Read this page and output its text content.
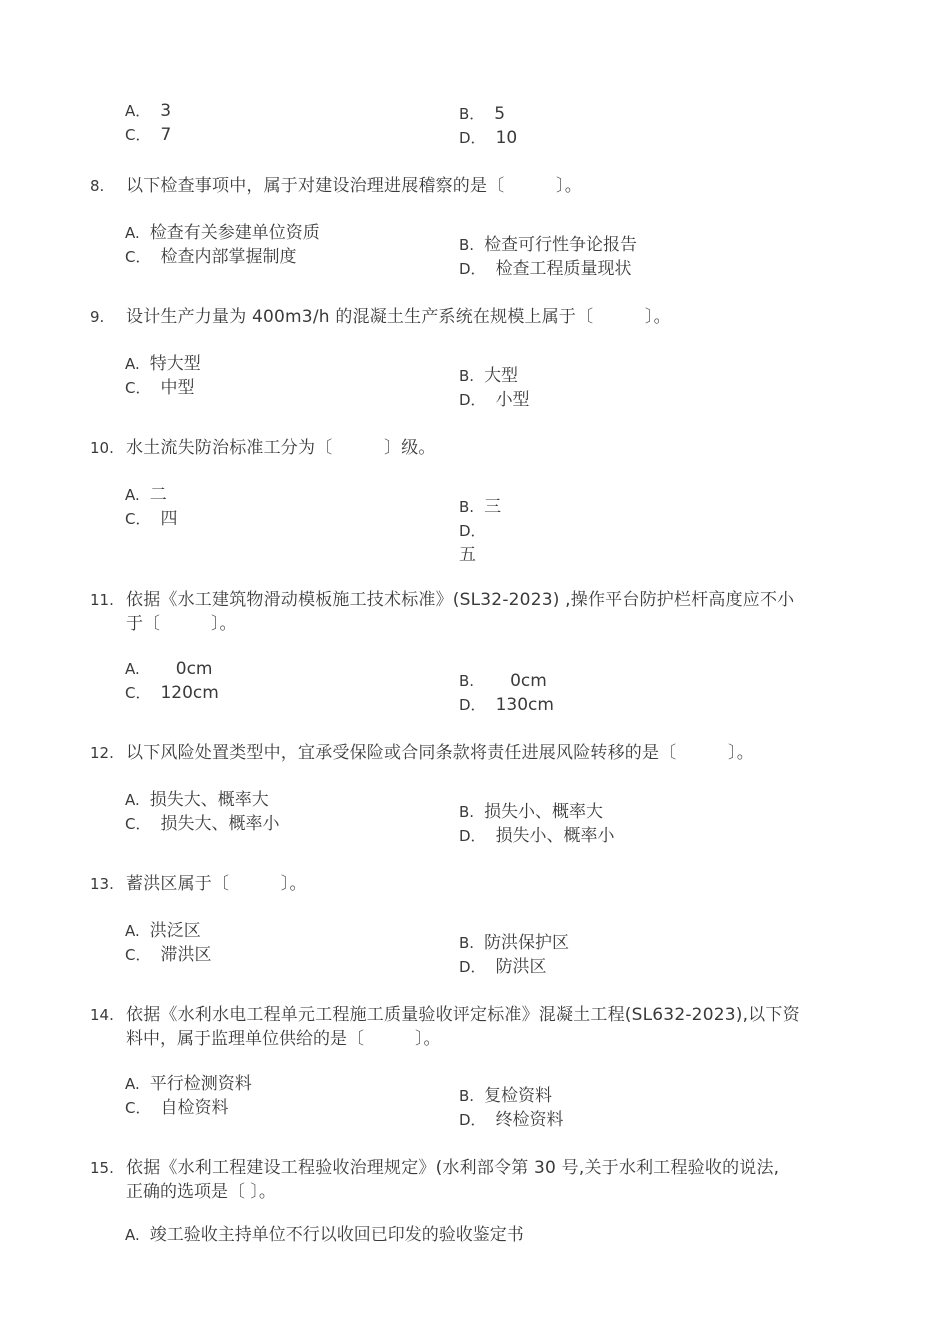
A． 3
C． 7
B． 5
D． 10
8. 以下检查事项中，属于对建设治理进展稽察的是〔　　　〕。
A. 检查有关参建单位资质
C． 检查内部掌握制度
B. 检查可行性争论报告
D． 检查工程质量现状
9. 设计生产力量为 400m3/h 的混凝土生产系统在规模上属于〔　　　〕。
A. 特大型
C． 中型
B. 大型
D． 小型
10. 水土流失防治标准工分为〔　　　〕级。
A. 二
C． 四
B. 三
D．
五
11. 依据《水工建筑物滑动模板施工技术标准》(SL32-2023) ,操作平台防护栏杆高度应不小
于〔　　　〕。
A. 0cm
C． 120cm
B. 0cm
D． 130cm
12. 以下风险处置类型中，宜承受保险或合同条款将责任进展风险转移的是〔　　　〕。
A. 损失大、概率大
C． 损失大、概率小
B. 损失小、概率大
D． 损失小、概率小
13. 蓄洪区属于〔　　　〕。
A. 洪泛区
C． 滞洪区
B. 防洪保护区
D． 防洪区
14. 依据《水利水电工程单元工程施工质量验收评定标准》混凝土工程(SL632-2023),以下资
料中，属于监理单位供给的是〔　　　〕。
A. 平行检测资料
C． 自检资料
B. 复检资料
D． 终检资料
15. 依据《水利工程建设工程验收治理规定》(水利部令第 30 号,关于水利工程验收的说法,
正确的选项是〔 〕。
A. 竣工验收主持单位不行以收回已印发的验收鉴定书
